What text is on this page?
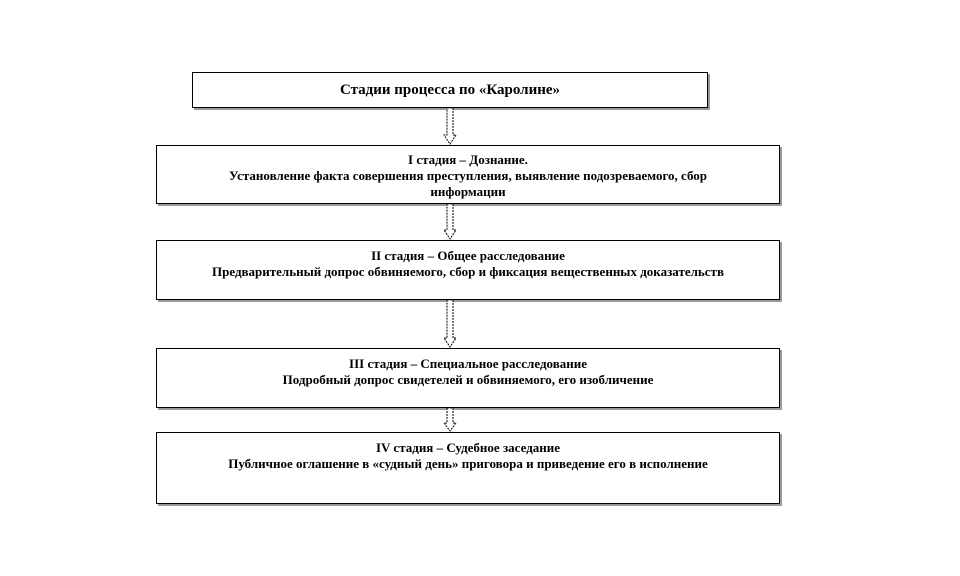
Стадии процесса по «Каролине»
I стадия – Дознание.
Установление факта совершения преступления, выявление подозреваемого, сбор информации
II стадия – Общее расследование
Предварительный допрос обвиняемого, сбор и фиксация вещественных доказательств
III стадия – Специальное расследование
Подробный допрос свидетелей и обвиняемого, его изобличение
IV стадия – Судебное заседание
Публичное оглашение в «судный день» приговора и приведение его в исполнение
